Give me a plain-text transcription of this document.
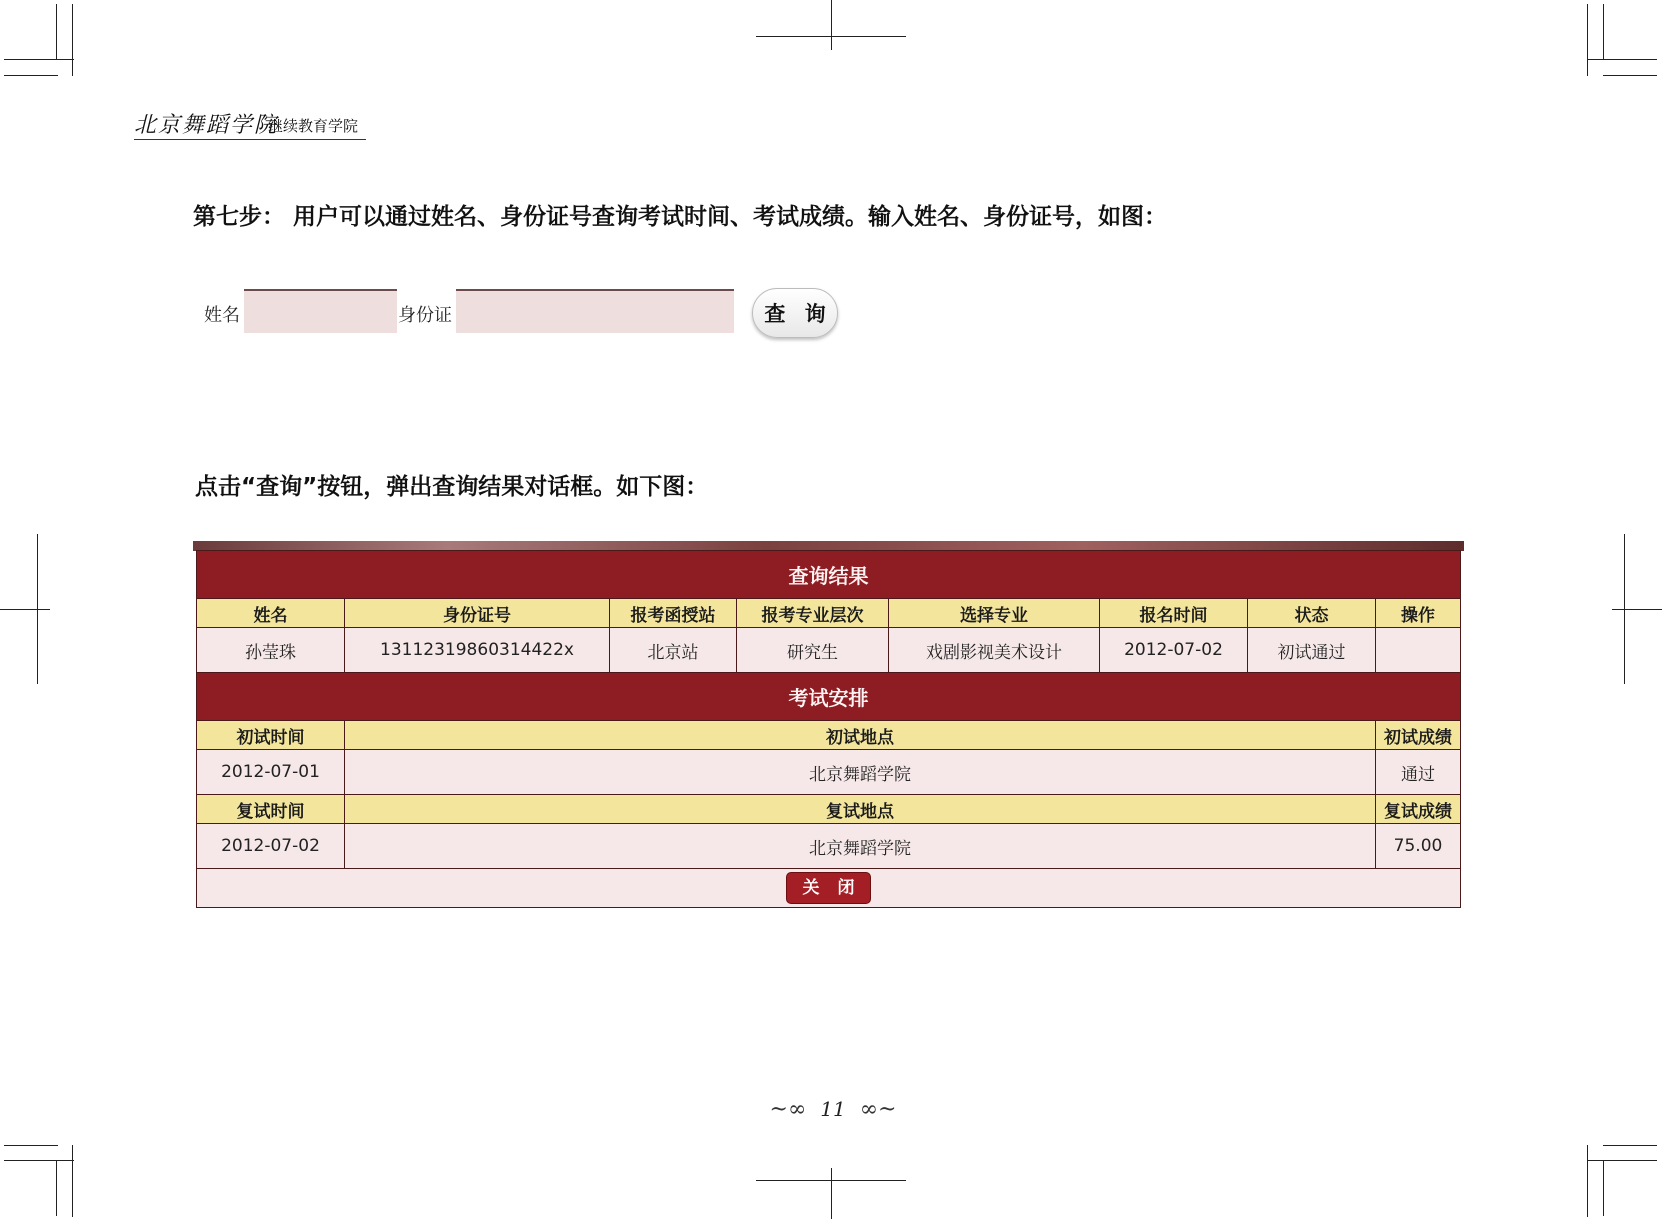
北京舞蹈学院
继续教育学院
第七步： 用户可以通过姓名、身份证号查询考试时间、考试成绩。输入姓名、身份证号，如图：
姓名	身份证	查 询
点击“查询”按钮，弹出查询结果对话框。如下图：
查询结果							
姓名	身份证号	报考函授站	报考专业层次	选择专业	报名时间	状态	操作
孙莹珠	13112319860314422x	北京站	研究生	戏剧影视美术设计	2012-07-02	初试通过	
考试安排							
初试时间	初试地点						初试成绩
2012-07-01	北京舞蹈学院						通过
复试时间	复试地点						复试成绩
2012-07-02	北京舞蹈学院						75.00
关 闭							
~∞  11  ∞~
